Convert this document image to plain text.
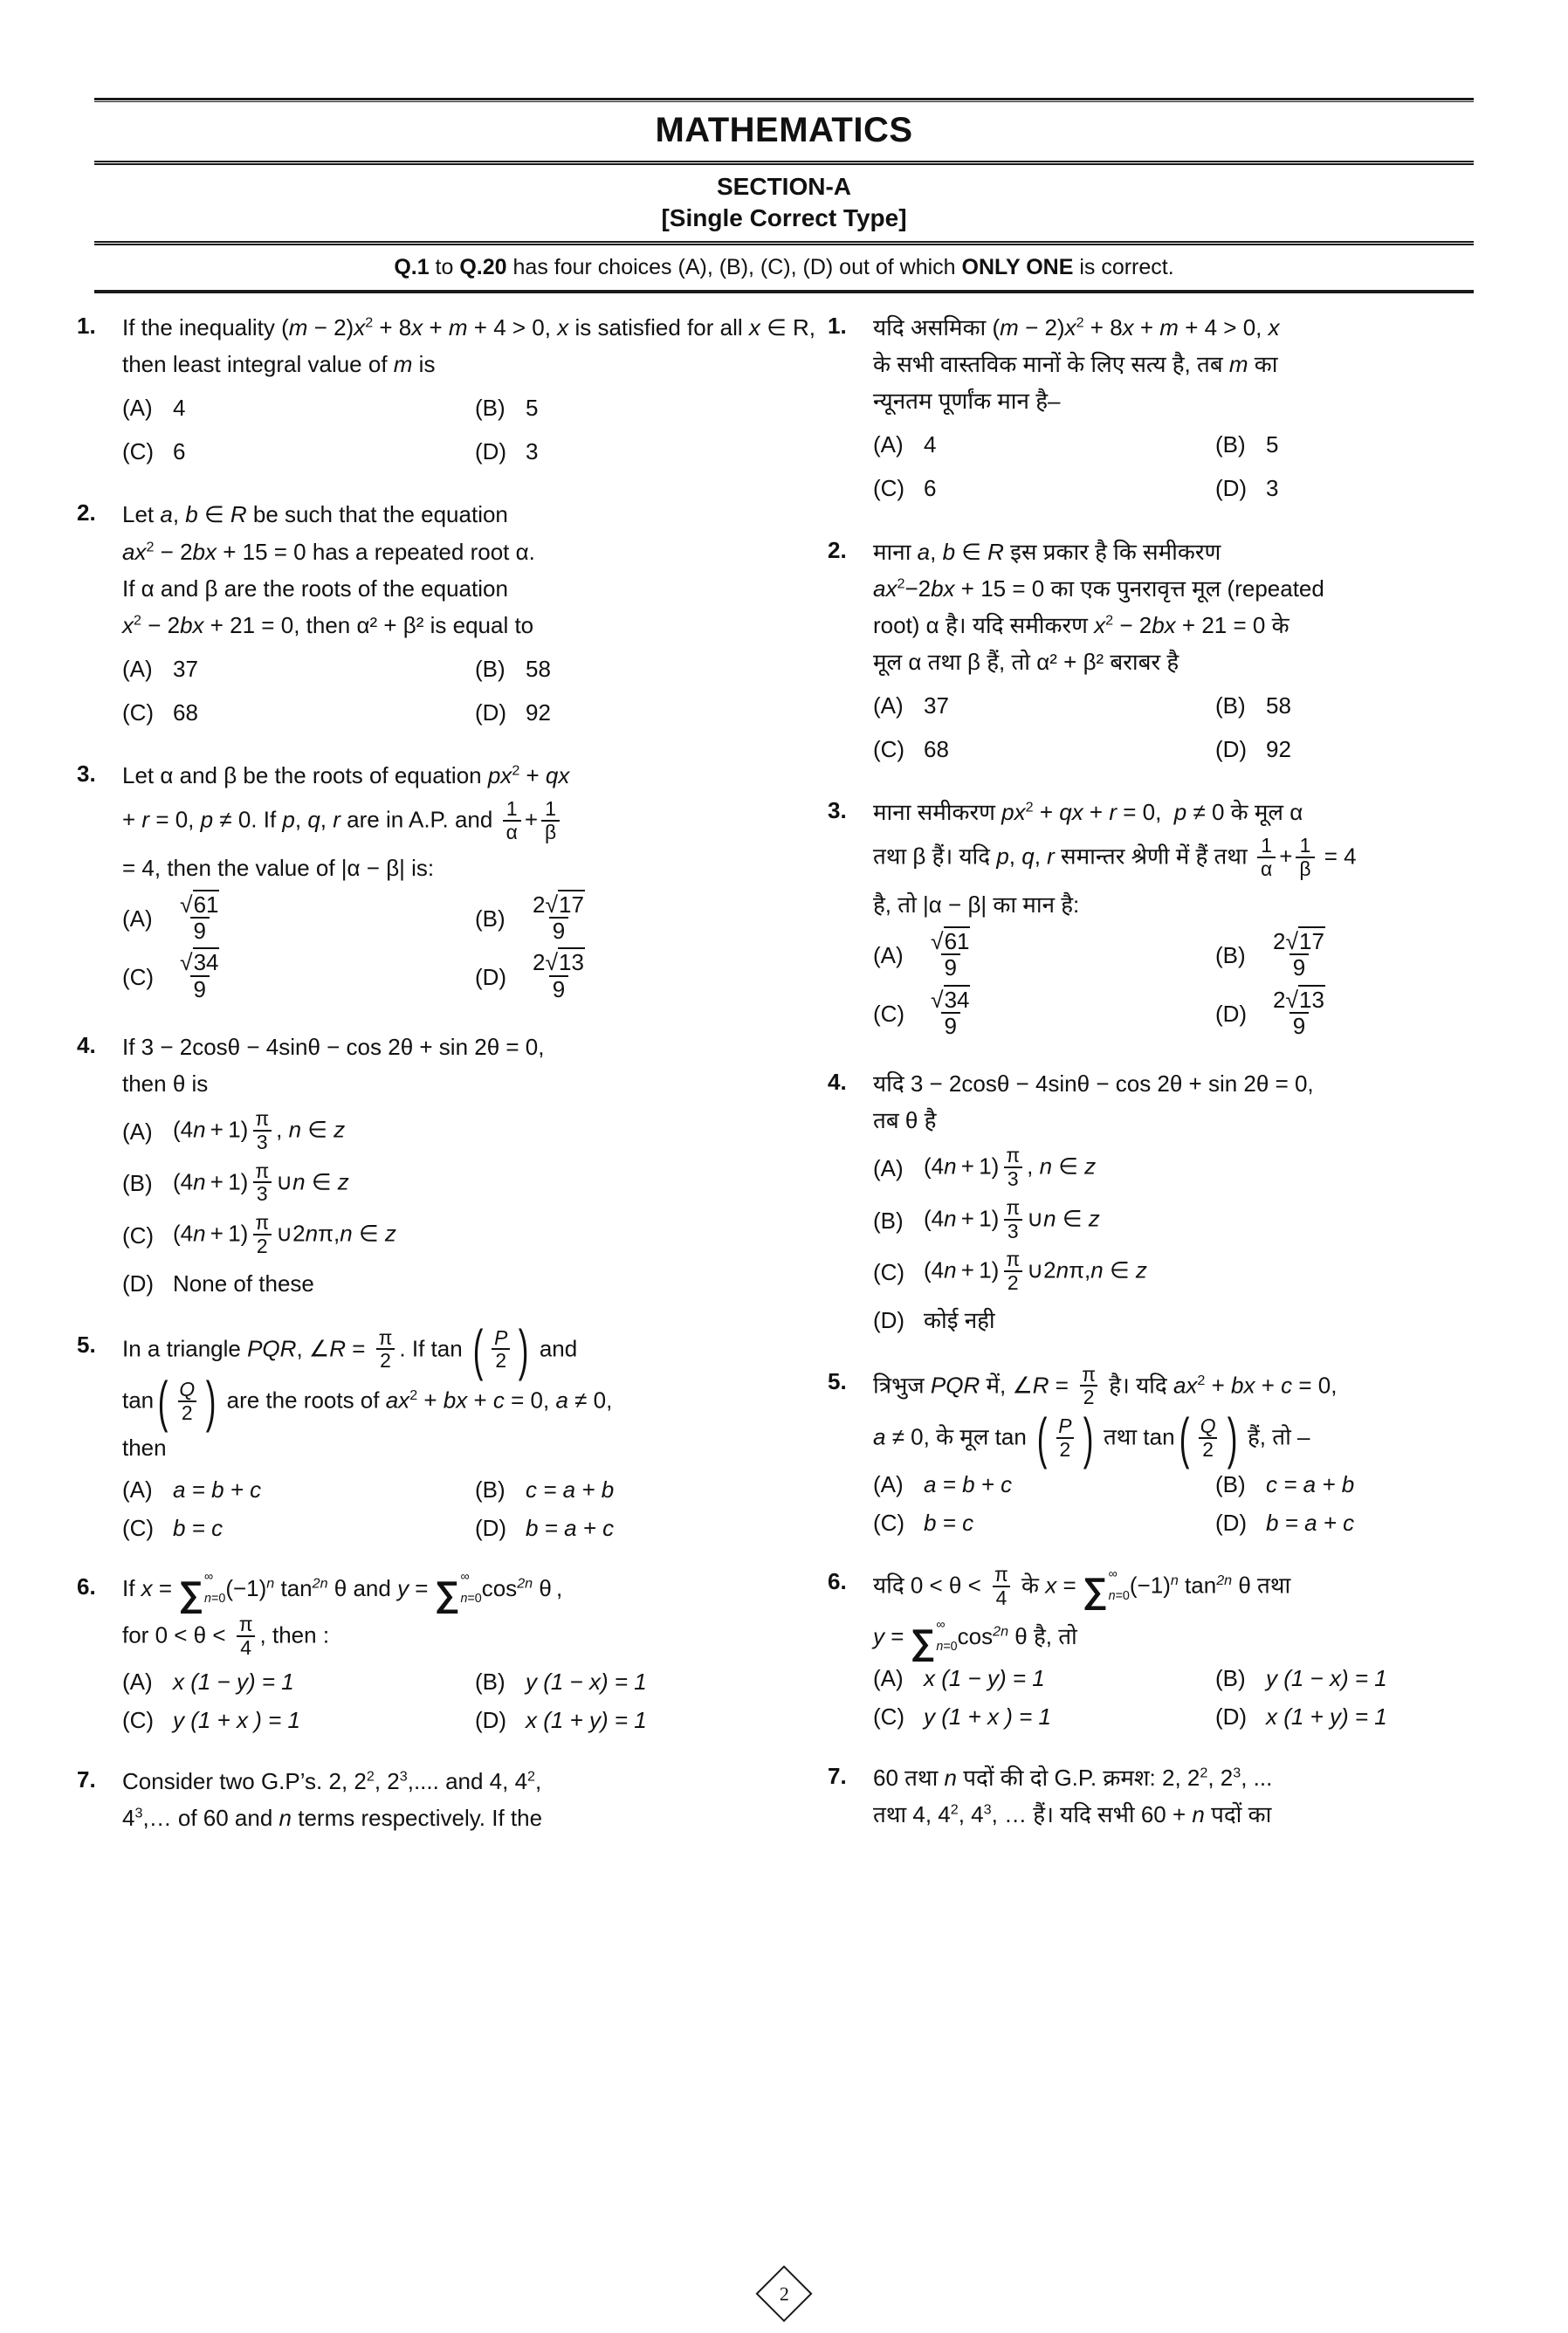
MATHEMATICS
SECTION-A
[Single Correct Type]
Q.1 to Q.20 has four choices (A), (B), (C), (D) out of which ONLY ONE is correct.
1.	If the inequality $(m - 2)x^2 + 8x + m + 4 > 0$, x is satisfied for all x ∈ R, then least integral value of m is
(A) 4	(B) 5
(C) 6	(D) 3
2.	Let a, b ∈ R be such that the equation
$ax^2 - 2bx + 15 = 0$ has a repeated root α.
If α and β are the roots of the equation
$x^2 - 2bx + 21 = 0$, then α² + β² is equal to
(A) 37	(B) 58
(C) 68	(D) 92
3.	Let α and β be the roots of equation $px^2$ + qx
+ r = 0, p ≠ 0. If p, q, r are in A.P. and $\frac{1}{\alpha} + \frac{1}{\beta}$

= 4, then the value of |α − β| is:
(A)	$\frac{√61}{9}$	(B)	$\frac{2√17}{9}$
$(C) \frac{√34}{9}$	$(D) \frac{2√13}{9}$
4.	If 3 − 2cosθ − 4sinθ − cos 2θ + sin 2θ = 0,
then θ is
(A) $(4n + 1) \frac{\pi}{3}$ , n ∈ z
(B) $(4n + 1) \frac{\pi}{3}$ ∪n ∈ z
(C) $(4n + 1) \frac{\pi}{2}$ ∪2nπ,n ∈ z
(D) None of these
5.	In a triangle PQR, ∠R = $\frac{\pi}{2}$ . If tan ( $\frac{P}{2}$ ) and
tan ( $\frac{Q}{2}$ ) are the roots of $ax^2$ + bx + c = 0, a ≠ 0,
then
(A) a = b + c	(B) c = a + b
(C) b = c	(D) b = a + c
6.	If x = ∑ ∞
n=0 $(-1)^n$ $\tan^{2n} \theta$ and y = ∑ ∞
n=0 $\cos^{2n} \theta$ ,
for $0 < \theta < \frac{\pi}{4}$ , then :
(A) x (1 − y) = 1	(B) y (1 − x) = 1
(C) y (1 + x ) = 1	(D) x (1 + y) = 1
7.	Consider two G.P’s. 2, $2^2$, $2^3$,.... and 4, $4^2$,
$4^3,\dots$ of 60 and n terms respectively. If the
1.	यदि असमिका $(m - 2)x^2 + 8x + m + 4 > 0$, x
के सभी वास्तविक मानों के लिए सत्य है, तब m का
न्यूनतम पूर्णांक मान है–
(A) 4	(B) 5
(C) 6	(D) 3
2.	माना a, b ∈ R इस प्रकार है कि समीकरण
$ax^2-2bx + 15 = 0$ का एक पुनरावृत्त मूल (repeated
root) α है। यदि समीकरण $x^2 - 2bx + 21 = 0$ के
मूल α तथा β हैं, तो α² + β² बराबर है
(A) 37	(B) 58
(C) 68	(D) 92
3.	माना समीकरण $px^2$ + qx + r = 0,  p ≠ 0 के मूल α
तथा β हैं। यदि p, q, r समान्तर श्रेणी में हैं तथा $\frac{1}{\alpha} + \frac{1}{\beta} = 4$
है, तो |α − β| का मान है:
(A)	$\frac{√61}{9}$	(B)	$\frac{2√17}{9}$
$(C) \frac{√34}{9}$	$(D) \frac{2√13}{9}$
4.	यदि 3 − 2cosθ − 4sinθ − cos 2θ + sin 2θ = 0,
तब θ है
(A) $(4n + 1) \frac{\pi}{3}$ , n ∈ z
(B) $(4n + 1) \frac{\pi}{3}$ ∪n ∈ z
(C) $(4n + 1) \frac{\pi}{2}$ ∪2nπ,n ∈ z
(D) कोई नही
5.	त्रिभुज PQR में, ∠R = $\frac{\pi}{2}$ है। यदि $ax^2$ + bx + c = 0,
a ≠ 0, के मूल tan ( $\frac{P}{2}$ ) तथा tan ( $\frac{Q}{2}$ ) हैं, तो –
(A) a = b + c	(B) c = a + b
(C) b = c	(D) b = a + c
6.	यदि $0 < \theta < \frac{\pi}{4}$ के x = ∑ ∞
n=0 $(-1)^n$ $\tan^{2n} \theta$ तथा
y = ∑ ∞
n=0 $\cos^{2n} \theta$ है, तो
(A) x (1 − y) = 1	(B) y (1 − x) = 1
(C) y (1 + x ) = 1	(D) x (1 + y) = 1
7.	60 तथा n पदों की दो G.P. क्रमश: 2, $2^2$, $2^3$, ...
तथा 4, $4^2$, $4^3$, … हैं। यदि सभी 60 + n पदों का
2
